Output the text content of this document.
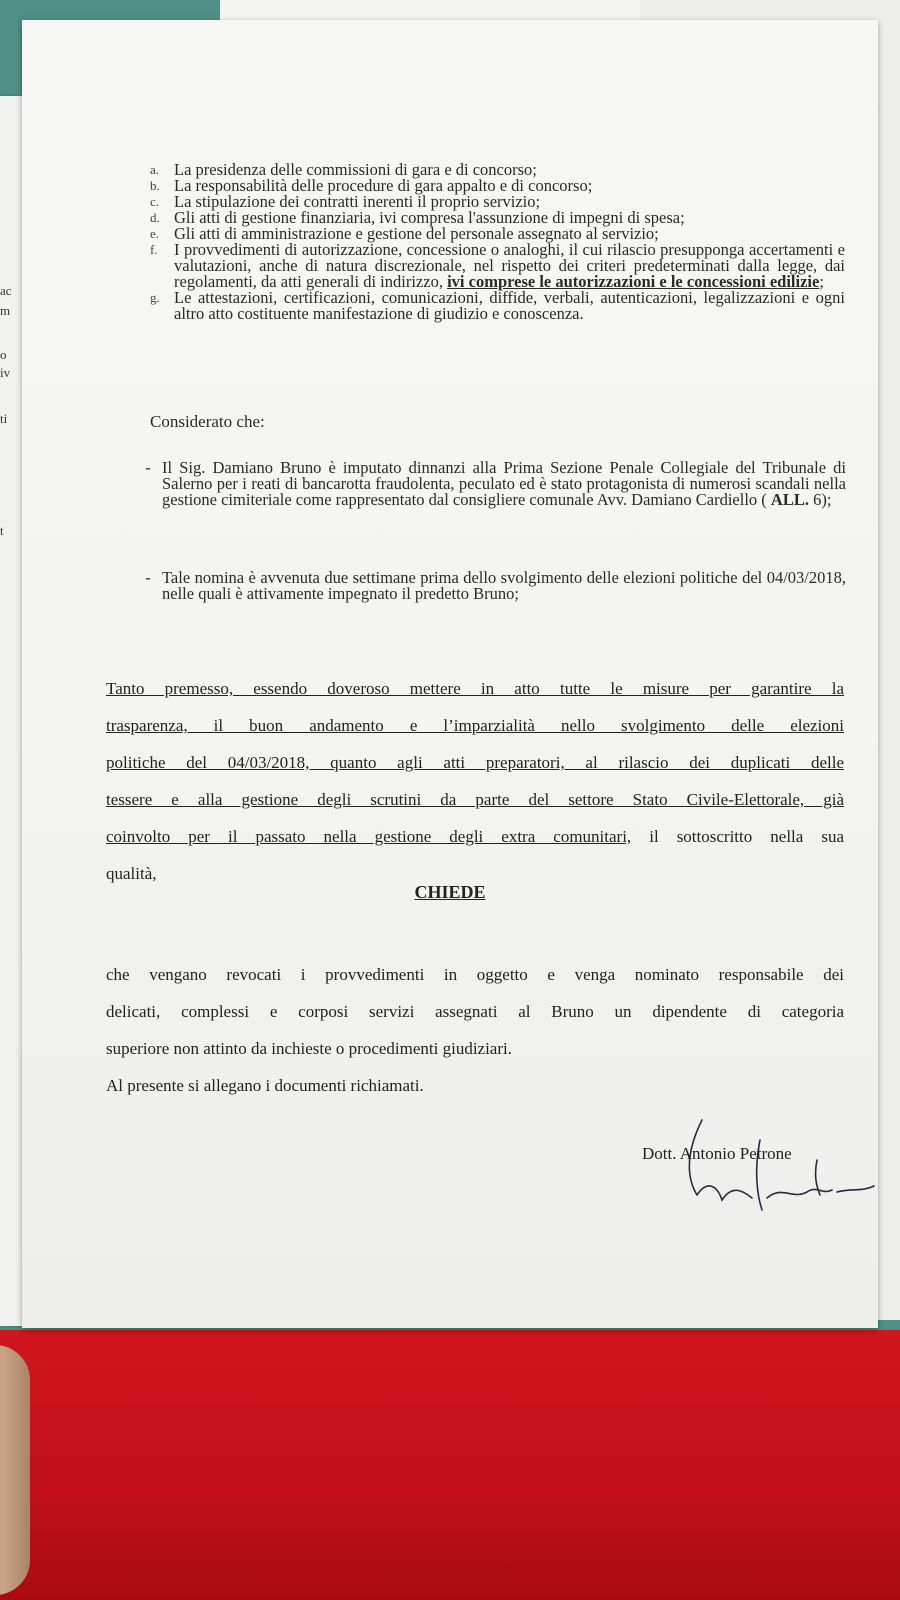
ac
m
o
iv
ti
t
a. La presidenza delle commissioni di gara e di concorso;
b. La responsabilità delle procedure di gara appalto e di concorso;
c. La stipulazione dei contratti inerenti il proprio servizio;
d. Gli atti di gestione finanziaria, ivi compresa l'assunzione di impegni di spesa;
e. Gli atti di amministrazione e gestione del personale assegnato al servizio;
f. I provvedimenti di autorizzazione, concessione o analoghi, il cui rilascio presupponga accertamenti e valutazioni, anche di natura discrezionale, nel rispetto dei criteri predeterminati dalla legge, dai regolamenti, da atti generali di indirizzo, ivi comprese le autorizzazioni e le concessioni edilizie;
g. Le attestazioni, certificazioni, comunicazioni, diffide, verbali, autenticazioni, legalizzazioni e ogni altro atto costituente manifestazione di giudizio e conoscenza.
Considerato che:
- Il Sig. Damiano Bruno è imputato dinnanzi alla Prima Sezione Penale Collegiale del Tribunale di Salerno per i reati di bancarotta fraudolenta, peculato ed è stato protagonista di numerosi scandali nella gestione cimiteriale come rappresentato dal consigliere comunale Avv. Damiano Cardiello ( ALL. 6);
- Tale nomina è avvenuta due settimane prima dello svolgimento delle elezioni politiche del 04/03/2018, nelle quali è attivamente impegnato il predetto Bruno;
Tanto premesso, essendo doveroso mettere in atto tutte le misure per garantire la
trasparenza, il buon andamento e l’imparzialità nello svolgimento delle elezioni
politiche del 04/03/2018, quanto agli atti preparatori, al rilascio dei duplicati delle
tessere e alla gestione degli scrutini da parte del settore Stato Civile-Elettorale, già
coinvolto per il passato nella gestione degli extra comunitari, il sottoscritto nella sua
qualità,
CHIEDE
che vengano revocati i provvedimenti in oggetto e venga nominato responsabile dei
delicati, complessi e corposi servizi assegnati al Bruno un dipendente di categoria
superiore non attinto da inchieste o procedimenti giudiziari.
Al presente si allegano i documenti richiamati.
Dott. Antonio Petrone
